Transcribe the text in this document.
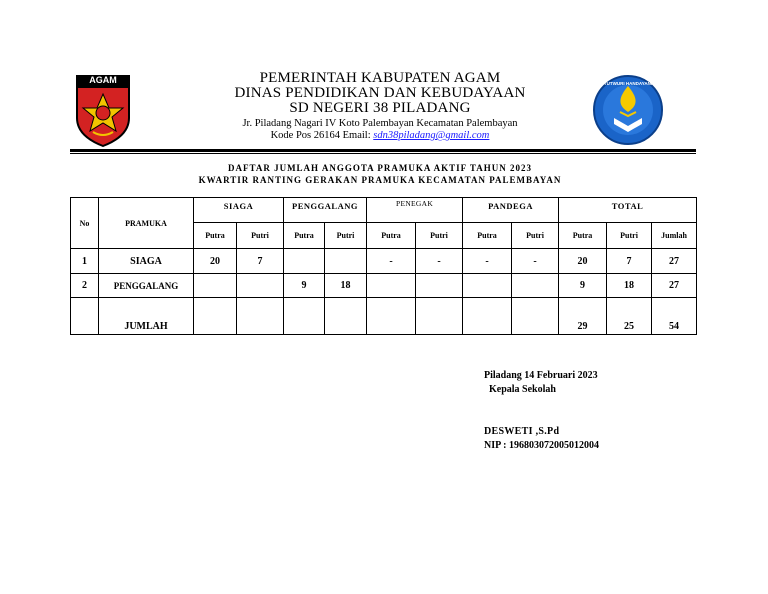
AGAM	TUTWURI HANDAYANI
PEMERINTAH KABUPATEN AGAM
DINAS PENDIDIKAN DAN KEBUDAYAAN
SD NEGERI 38 PILADANG
Jr. Piladang Nagari IV Koto Palembayan Kecamatan Palembayan
Kode Pos 26164 Email: sdn38piladang@gmail.com
DAFTAR JUMLAH ANGGOTA PRAMUKA AKTIF TAHUN 2023
KWARTIR RANTING GERAKAN PRAMUKA KECAMATAN PALEMBAYAN
No	PRAMUKA	SIAGA		PENGGALANG		PENEGAK		PANDEGA		TOTAL		
		Putra	Putri	Putra	Putri	Putra	Putri	Putra	Putri	Putra	Putri	Jumlah
1	SIAGA	20	7			-	-	-	-	20	7	27
2	PENGGALANG			9	18					9	18	27
	JUMLAH									29	25	54
Piladang 14 Februari 2023
Kepala Sekolah
DESWETI ,S.Pd
NIP : 196803072005012004
